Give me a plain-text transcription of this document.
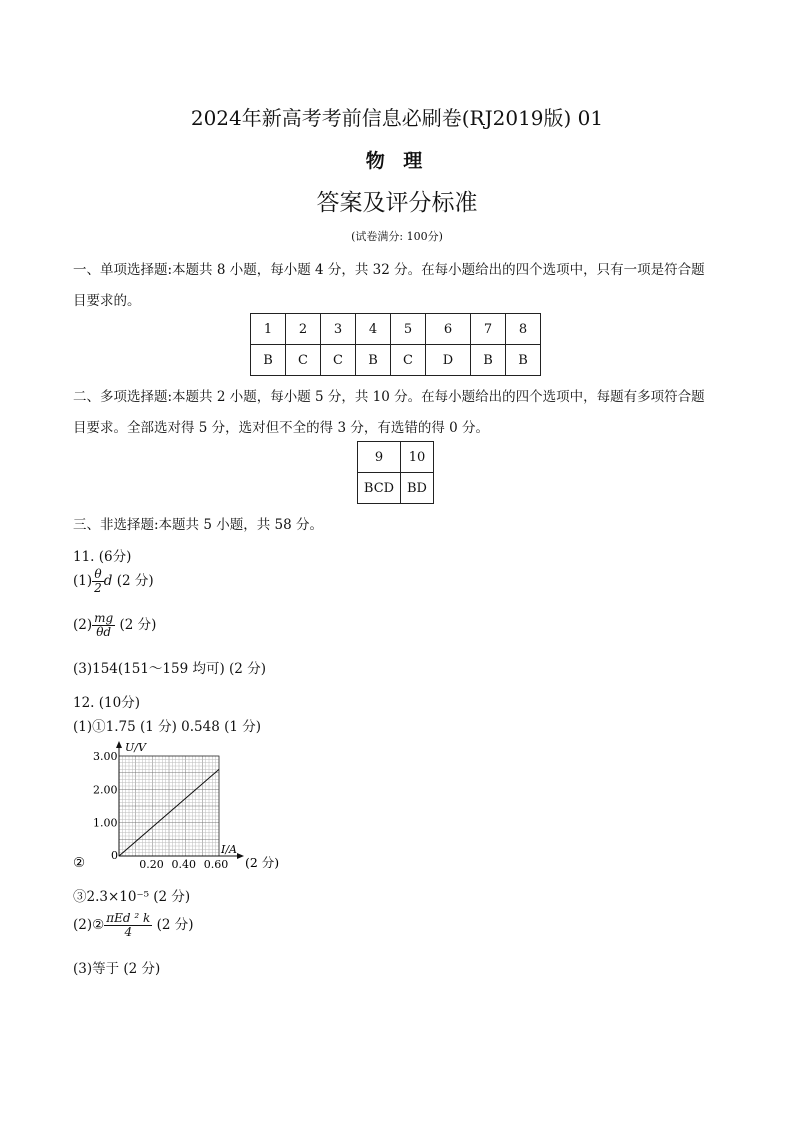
2024年新高考考前信息必刷卷(RJ2019版) 01
物 理
答案及评分标准
(试卷满分: 100分)
一、单项选择题:本题共 8 小题，每小题 4 分，共 32 分。在每小题给出的四个选项中，只有一项是符合题
目要求的。
1	2	3	4	5	6	7	8
B	C	C	B	C	D	B	B
二、多项选择题:本题共 2 小题，每小题 5 分，共 10 分。在每小题给出的四个选项中，每题有多项符合题
目要求。全部选对得 5 分，选对但不全的得 3 分，有选错的得 0 分。
9	10
BCD	BD
三、非选择题:本题共 5 小题，共 58 分。
11. (6分)
$(1) \frac{\theta}{2}$ d (2 分)
$(2) \frac{mg}{\theta d} (2$ 分)
(3)154(151～159 均可) (2 分)
12. (10分)
(1)①1.75 (1 分) 0.548 (1 分)
0.20 0.40 0.60
1.00
2.00
3.00
U/V
I/A
0
②	(2 分)
③2.3×10⁻⁵ (2 分)
(2)② $\frac{\text{πEd ² k}}{4} (2$ 分)
(3)等于 (2 分)
